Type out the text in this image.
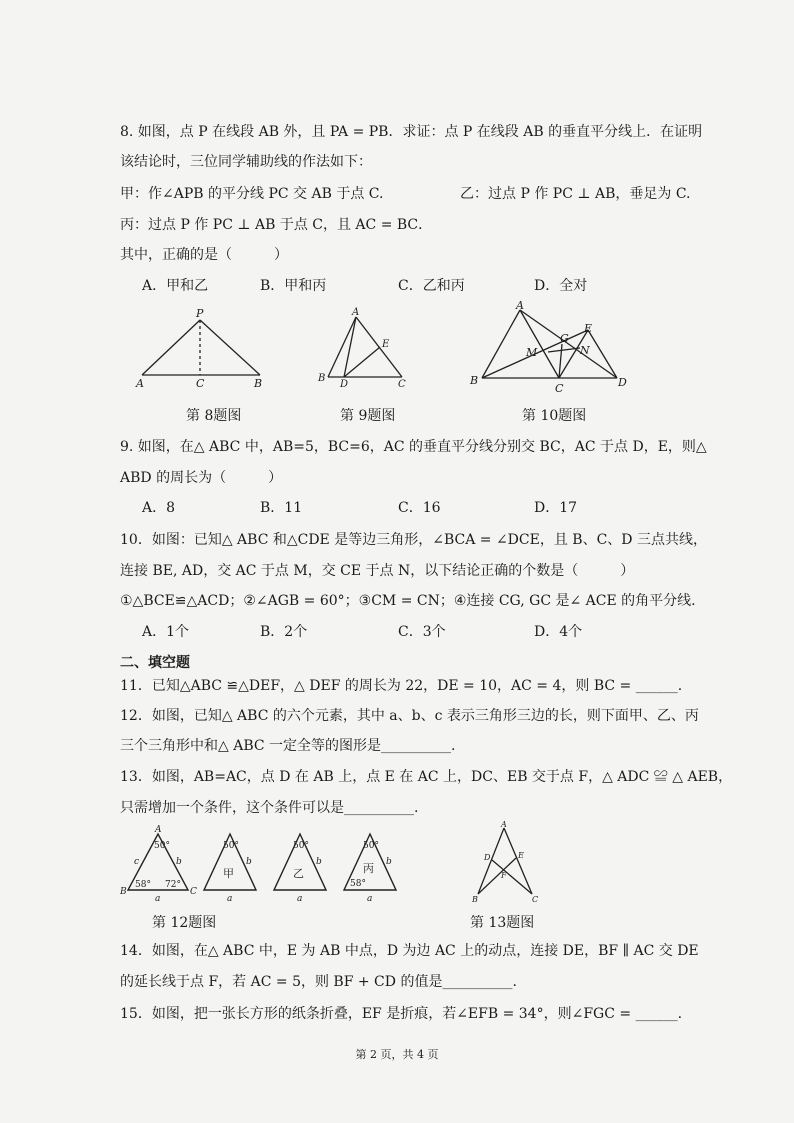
8. 如图，点 P 在线段 AB 外，且 PA = PB．求证：点 P 在线段 AB 的垂直平分线上．在证明
该结论时，三位同学辅助线的作法如下：
甲：作∠APB 的平分线 PC 交 AB 于点 C.	乙：过点 P 作 PC ⊥ AB，垂足为 C.
丙：过点 P 作 PC ⊥ AB 于点 C，且 AC = BC．
其中，正确的是（　　　）
A．甲和乙	B．甲和丙	C．乙和丙	D．全对
P
A	C	B
A
E
B
D	C
A
G
E
M	N
B
C	D
第 8题图	第 9题图	第 10题图
9. 如图，在△ ABC 中，AB=5，BC=6，AC 的垂直平分线分别交 BC，AC 于点 D，E，则△
ABD 的周长为（　　　）
A．8	B．11	C．16	D．17
10．如图：已知△ ABC 和△CDE 是等边三角形，∠BCA = ∠DCE，且 B、C、D 三点共线，
连接 BE, AD，交 AC 于点 M，交 CE 于点 N，以下结论正确的个数是（　　　）
①△BCE≌△ACD；②∠AGB = 60°；③CM = CN；④连接 CG, GC 是∠ ACE 的角平分线.
A．1个	B．2个	C．3个	D．4个
二、填空题
11．已知△ABC ≌△DEF，△ DEF 的周长为 22，DE = 10，AC = 4，则 BC = ______.
12．如图，已知△ ABC 的六个元素，其中 a、b、c 表示三角形三边的长，则下面甲、乙、丙
三个三角形中和△ ABC 一定全等的图形是__________.
13．如图，AB=AC，点 D 在 AB 上，点 E 在 AC 上，DC、EB 交于点 F，△ ADC ≌ △ AEB，
只需增加一个条件，这个条件可以是__________.
A
50°
c	b
B
58° 72°
C
a
50°
b
甲
a
50°
b
乙
a
50°
b
丙
58°
a
A
D	E
F
B	C
第 12题图	第 13题图
14．如图，在△ ABC 中，E 为 AB 中点，D 为边 AC 上的动点，连接 DE，BF ∥ AC 交 DE
的延长线于点 F，若 AC = 5，则 BF + CD 的值是__________.
15．如图，把一张长方形的纸条折叠，EF 是折痕，若∠EFB = 34°，则∠FGC = ______.
第 2 页，共 4 页
